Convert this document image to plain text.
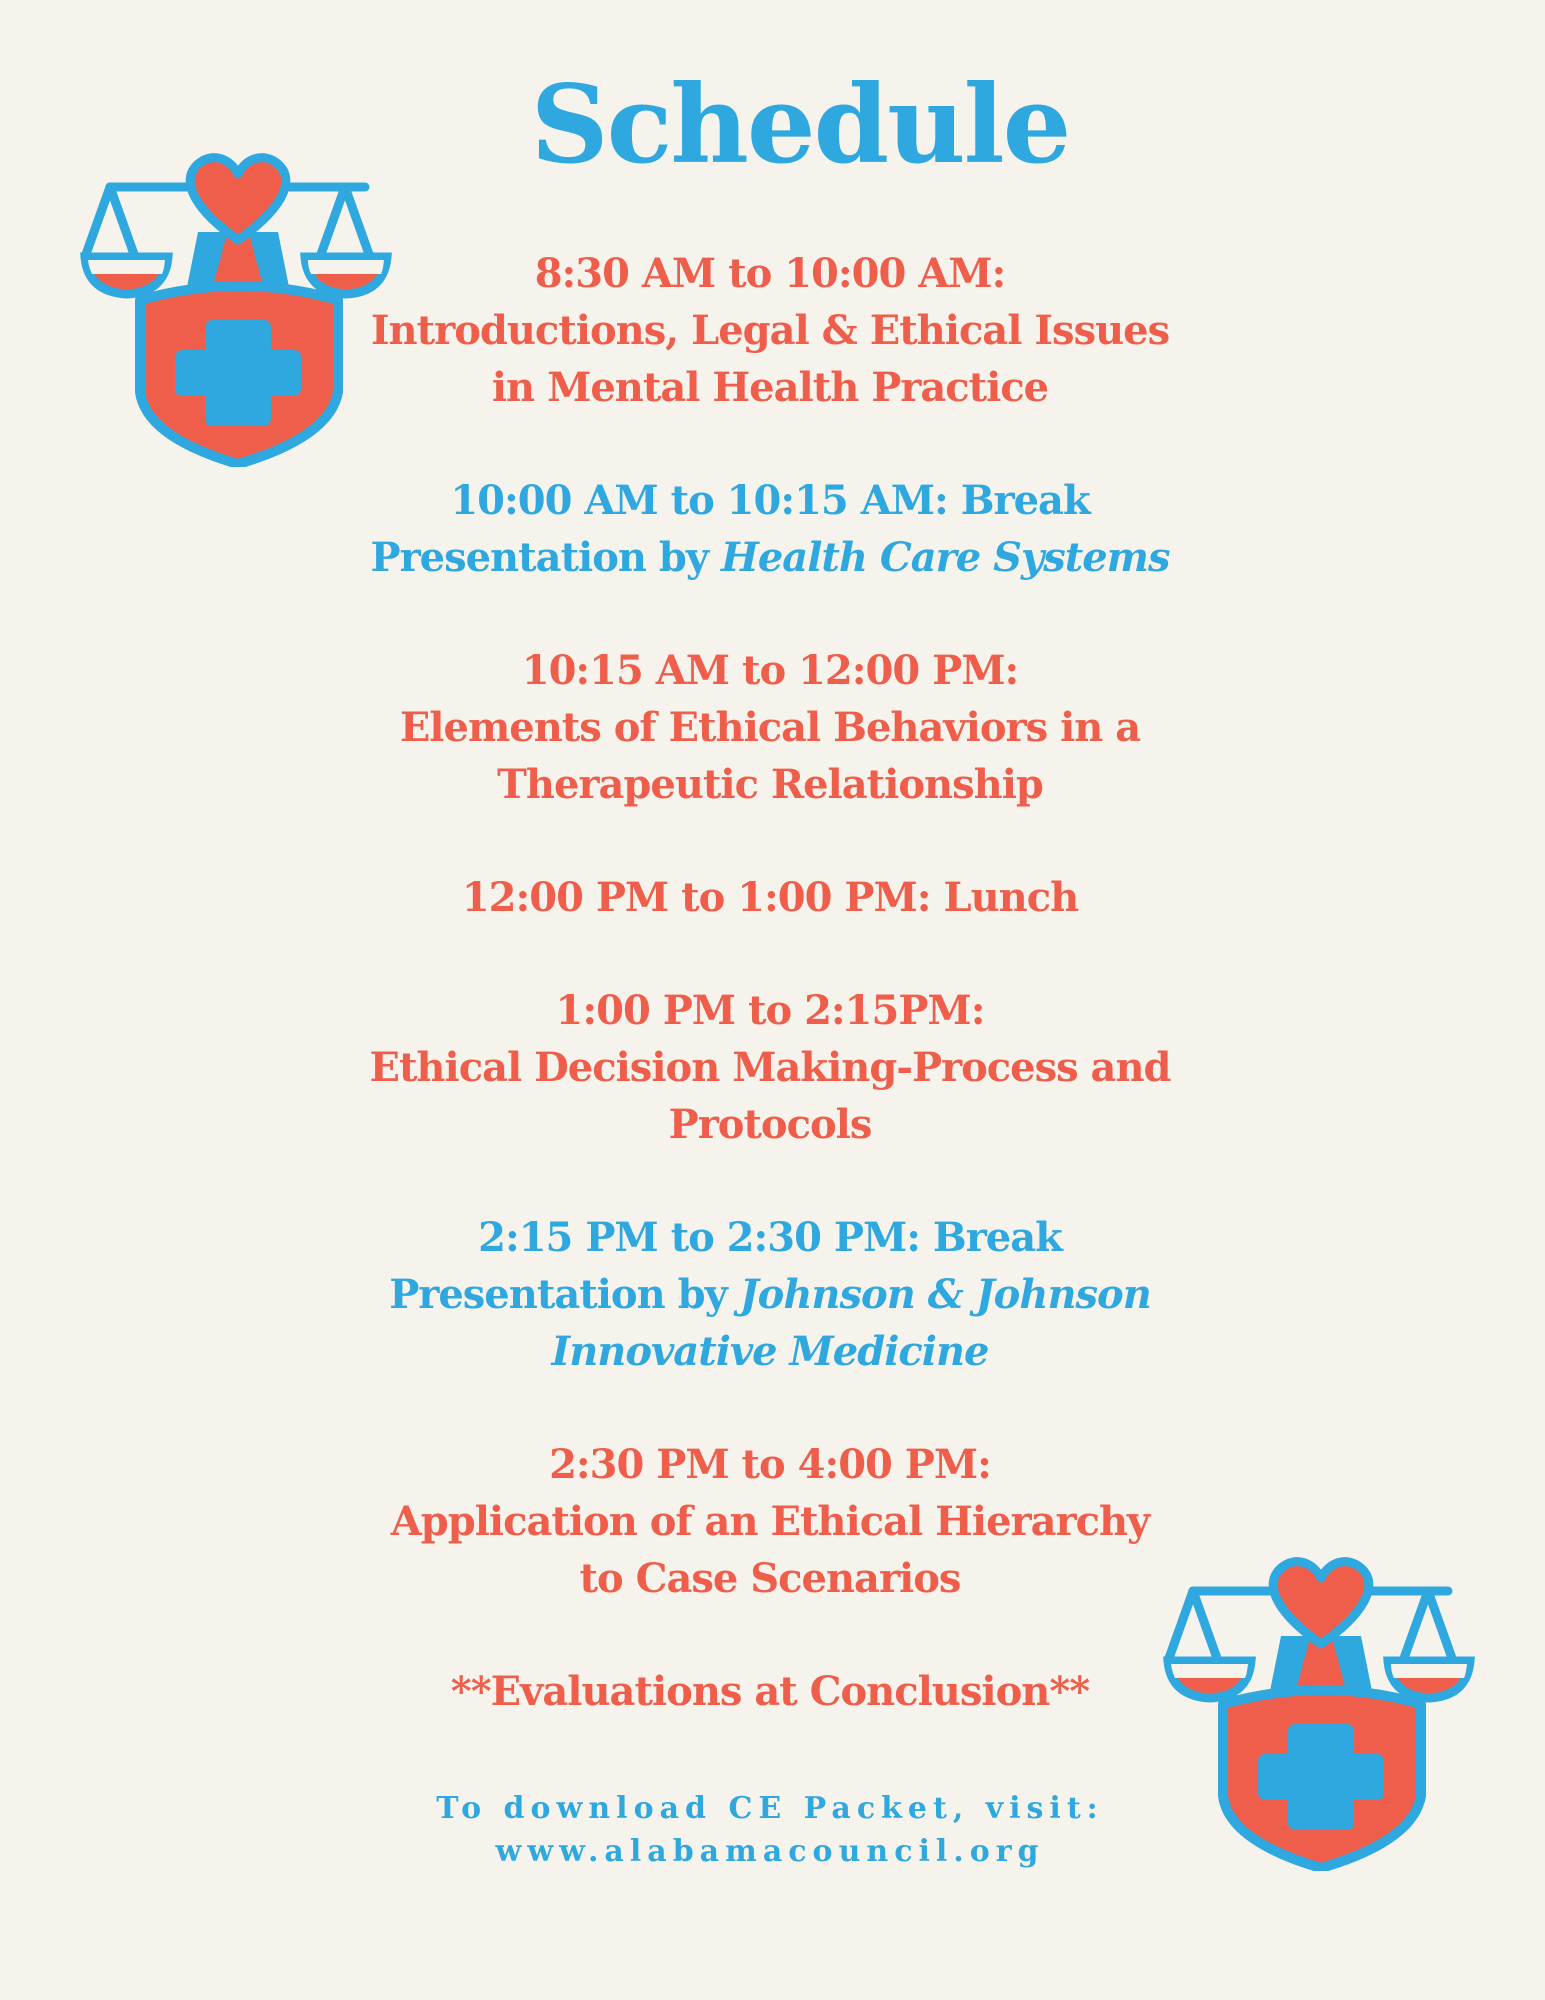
Schedule
8:30 AM to 10:00 AM:
Introductions, Legal & Ethical Issues
in Mental Health Practice
10:00 AM to 10:15 AM: Break
Presentation by Health Care Systems
10:15 AM to 12:00 PM:
Elements of Ethical Behaviors in a
Therapeutic Relationship
12:00 PM to 1:00 PM: Lunch
1:00 PM to 2:15PM:
Ethical Decision Making-Process and
Protocols
2:15 PM to 2:30 PM: Break
Presentation by Johnson & Johnson
Innovative Medicine
2:30 PM to 4:00 PM:
Application of an Ethical Hierarchy
to Case Scenarios
**Evaluations at Conclusion**
To download CE Packet, visit:
www.alabamacouncil.org
